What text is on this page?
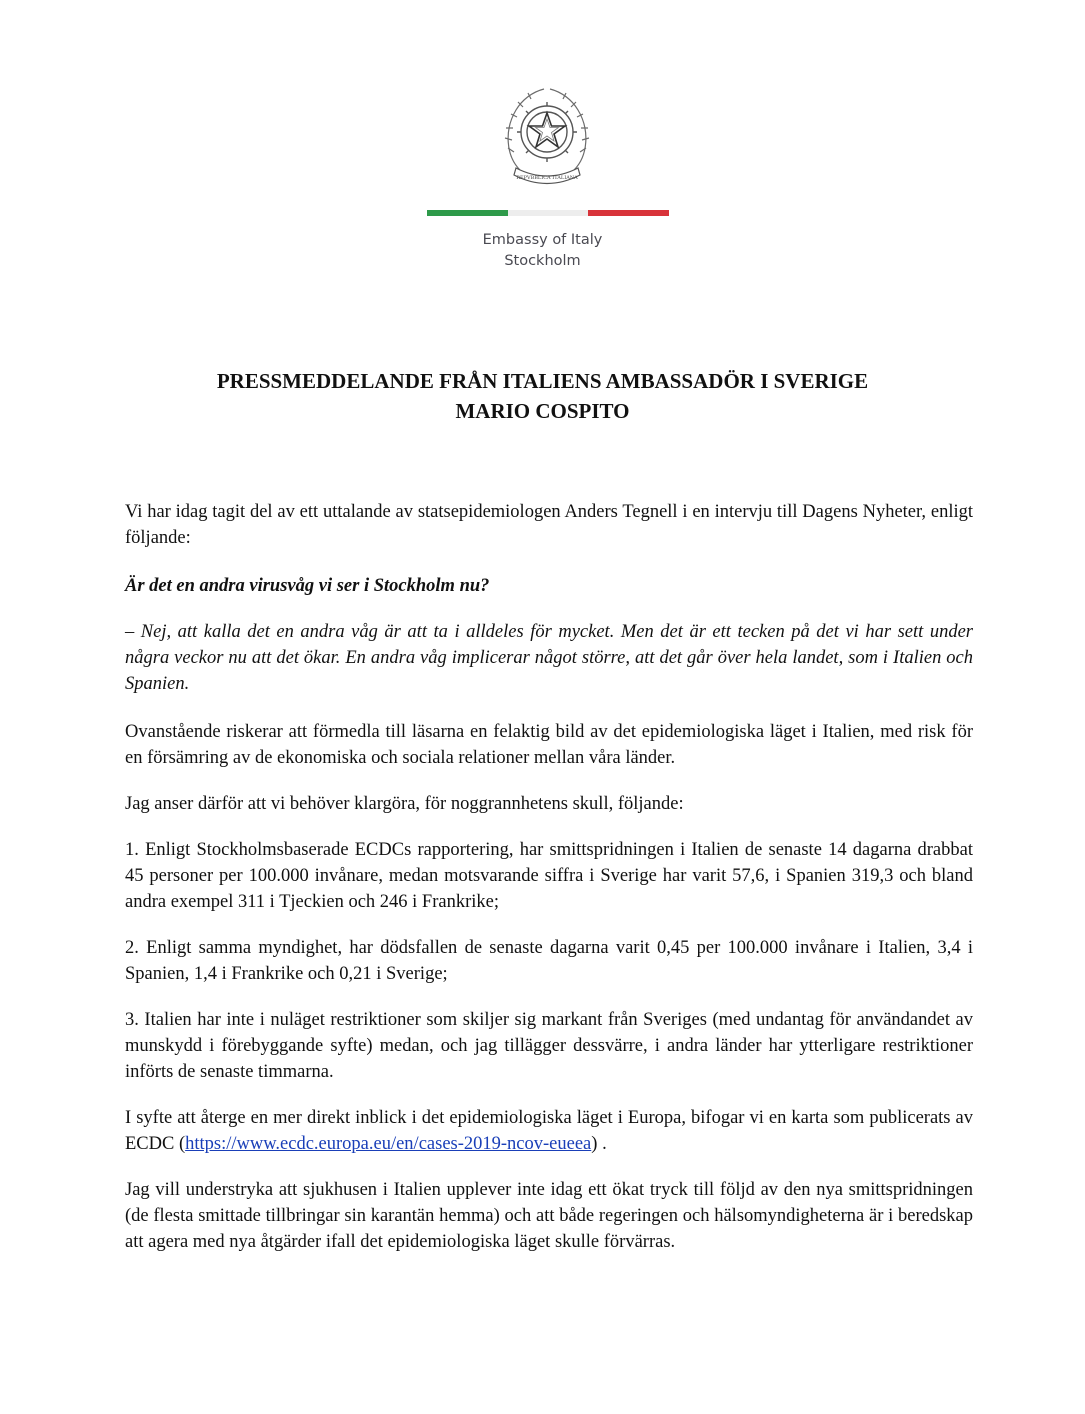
REPVBBLICA ITALIANA
Embassy of Italy
Stockholm
PRESSMEDDELANDE FRÅN ITALIENS AMBASSADÖR I SVERIGE
MARIO COSPITO

Vi har idag tagit del av ett uttalande av statsepidemiologen Anders Tegnell i en intervju till Dagens Nyheter, enligt följande:

Är det en andra virusvåg vi ser i Stockholm nu?

– Nej, att kalla det en andra våg är att ta i alldeles för mycket. Men det är ett tecken på det vi har sett under några veckor nu att det ökar. En andra våg implicerar något större, att det går över hela landet, som i Italien och Spanien.

Ovanstående riskerar att förmedla till läsarna en felaktig bild av det epidemiologiska läget i Italien, med risk för en försämring av de ekonomiska och sociala relationer mellan våra länder.

Jag anser därför att vi behöver klargöra, för noggrannhetens skull, följande:

1. Enligt Stockholmsbaserade ECDCs rapportering, har smittspridningen i Italien de senaste 14 dagarna drabbat 45 personer per 100.000 invånare, medan motsvarande siffra i Sverige har varit 57,6, i Spanien 319,3 och bland andra exempel 311 i Tjeckien och 246 i Frankrike;

2. Enligt samma myndighet, har dödsfallen de senaste dagarna varit 0,45 per 100.000 invånare i Italien, 3,4 i Spanien, 1,4 i Frankrike och 0,21 i Sverige;

3. Italien har inte i nuläget restriktioner som skiljer sig markant från Sveriges (med undantag för användandet av munskydd i förebyggande syfte) medan, och jag tillägger dessvärre, i andra länder har ytterligare restriktioner införts de senaste timmarna.

I syfte att återge en mer direkt inblick i det epidemiologiska läget i Europa, bifogar vi en karta som publicerats av ECDC (https://www.ecdc.europa.eu/en/cases-2019-ncov-eueea) .

Jag vill understryka att sjukhusen i Italien upplever inte idag ett ökat tryck till följd av den nya smittspridningen (de flesta smittade tillbringar sin karantän hemma) och att både regeringen och hälsomyndigheterna är i beredskap att agera med nya åtgärder ifall det epidemiologiska läget skulle förvärras.
